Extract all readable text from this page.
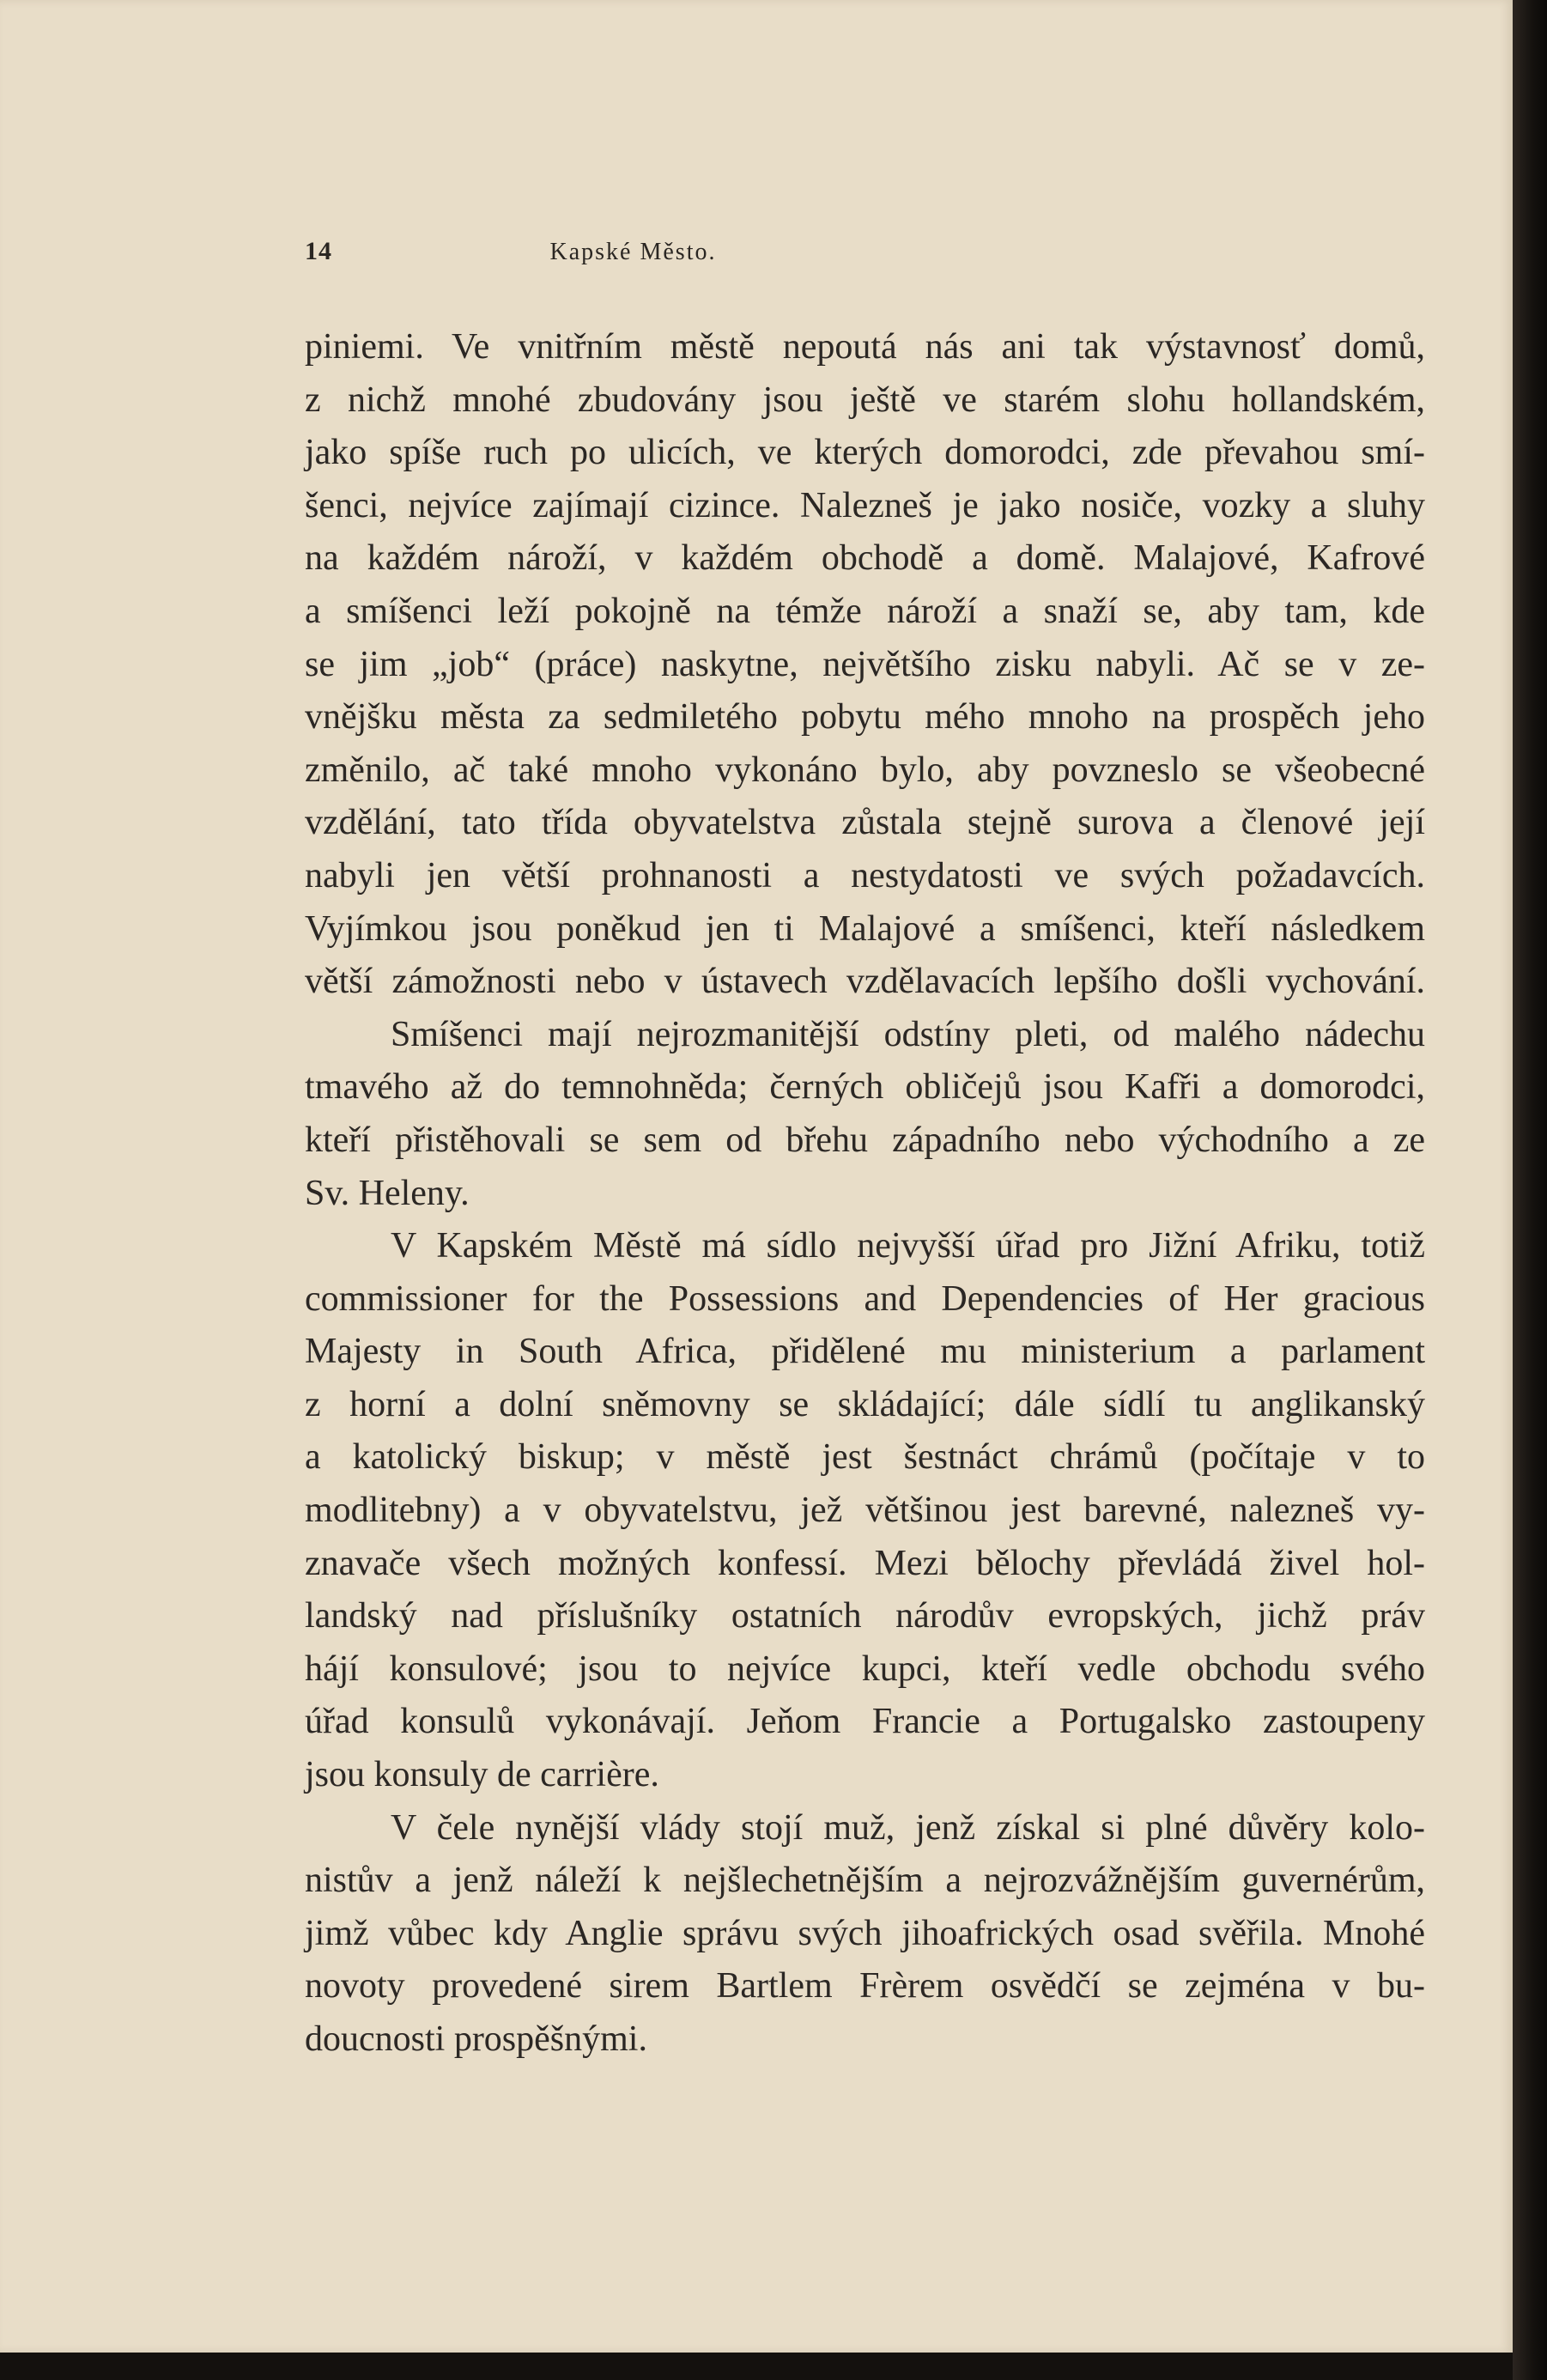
14	Kapské Město.
piniemi. Ve vnitřním městě nepoutá nás ani tak výstavnosť domů,
z nichž mnohé zbudovány jsou ještě ve starém slohu hollandském,
jako spíše ruch po ulicích, ve kterých domorodci, zde převahou smí-
šenci, nejvíce zajímají cizince. Nalezneš je jako nosiče, vozky a sluhy
na každém nároží, v každém obchodě a domě. Malajové, Kafrové
a smíšenci leží pokojně na témže nároží a snaží se, aby tam, kde
se jim „job“ (práce) naskytne, největšího zisku nabyli. Ač se v ze-
vnějšku města za sedmiletého pobytu mého mnoho na prospěch jeho
změnilo, ač také mnoho vykonáno bylo, aby povzneslo se všeobecné
vzdělání, tato třída obyvatelstva zůstala stejně surova a členové její
nabyli jen větší prohnanosti a nestydatosti ve svých požadavcích.
Vyjímkou jsou poněkud jen ti Malajové a smíšenci, kteří následkem
větší zámožnosti nebo v ústavech vzdělavacích lepšího došli vychování.
Smíšenci mají nejrozmanitější odstíny pleti, od malého nádechu
tmavého až do temnohněda; černých obličejů jsou Kafři a domorodci,
kteří přistěhovali se sem od břehu západního nebo východního a ze
Sv. Heleny.
V Kapském Městě má sídlo nejvyšší úřad pro Jižní Afriku, totiž
commissioner for the Possessions and Dependencies of Her gracious
Majesty in South Africa, přidělené mu ministerium a parlament
z horní a dolní sněmovny se skládající; dále sídlí tu anglikanský
a katolický biskup; v městě jest šestnáct chrámů (počítaje v to
modlitebny) a v obyvatelstvu, jež většinou jest barevné, nalezneš vy-
znavače všech možných konfessí. Mezi bělochy převládá živel hol-
landský nad příslušníky ostatních národův evropských, jichž práv
hájí konsulové; jsou to nejvíce kupci, kteří vedle obchodu svého
úřad konsulů vykonávají. Jeňom Francie a Portugalsko zastoupeny
jsou konsuly de carrière.
V čele nynější vlády stojí muž, jenž získal si plné důvěry kolo-
nistův a jenž náleží k nejšlechetnějším a nejrozvážnějším guvernérům,
jimž vůbec kdy Anglie správu svých jihoafrických osad svěřila. Mnohé
novoty provedené sirem Bartlem Frèrem osvědčí se zejména v bu-
doucnosti prospěšnými.
